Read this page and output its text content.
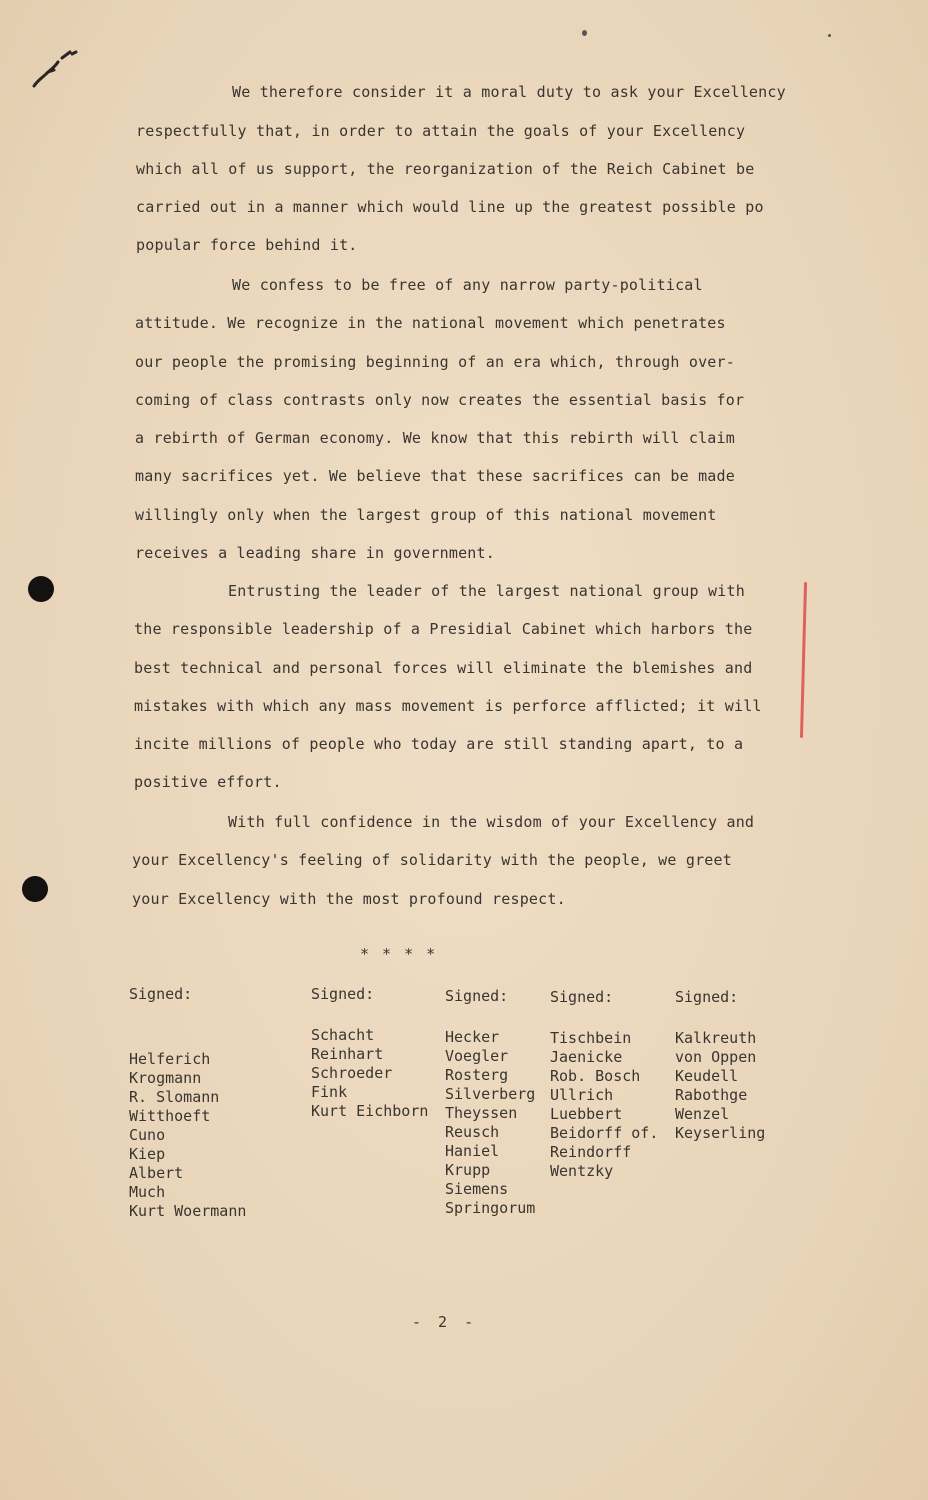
We therefore consider it a moral duty to ask your Excellency
respectfully that, in order to attain the goals of your Excellency
which all of us support, the reorganization of the Reich Cabinet be
carried out in a manner which would line up the greatest possible po
popular force behind it.
We confess to be free of any narrow party-political
attitude. We recognize in the national movement which penetrates
our people the promising beginning of an era which, through over-
coming of class contrasts only now creates the essential basis for
a rebirth of German economy. We know that this rebirth will claim
many sacrifices yet. We believe that these sacrifices can be made
willingly only when the largest group of this national movement
receives a leading share in government.
Entrusting the leader of the largest national group with
the responsible leadership of a Presidial Cabinet which harbors the
best technical and personal forces will eliminate the blemishes and
mistakes with which any mass movement is perforce afflicted; it will
incite millions of people who today are still standing apart, to a
positive effort.
With full confidence in the wisdom of your Excellency and
your Excellency's feeling of solidarity with the people, we greet
your Excellency with the most profound respect.
* * * *
Signed:
Helferich
Krogmann
R. Slomann
Witthoeft
Cuno
Kiep
Albert
Much
Kurt Woermann
Signed:
Schacht
Reinhart
Schroeder
Fink
Kurt Eichborn
Signed:
Hecker
Voegler
Rosterg
Silverberg
Theyssen
Reusch
Haniel
Krupp
Siemens
Springorum
Signed:
Tischbein
Jaenicke
Rob. Bosch
Ullrich
Luebbert
Beidorff of.
Reindorff
Wentzky
Signed:
Kalkreuth
von Oppen
Keudell
Rabothge
Wenzel
Keyserling
- 2 -
